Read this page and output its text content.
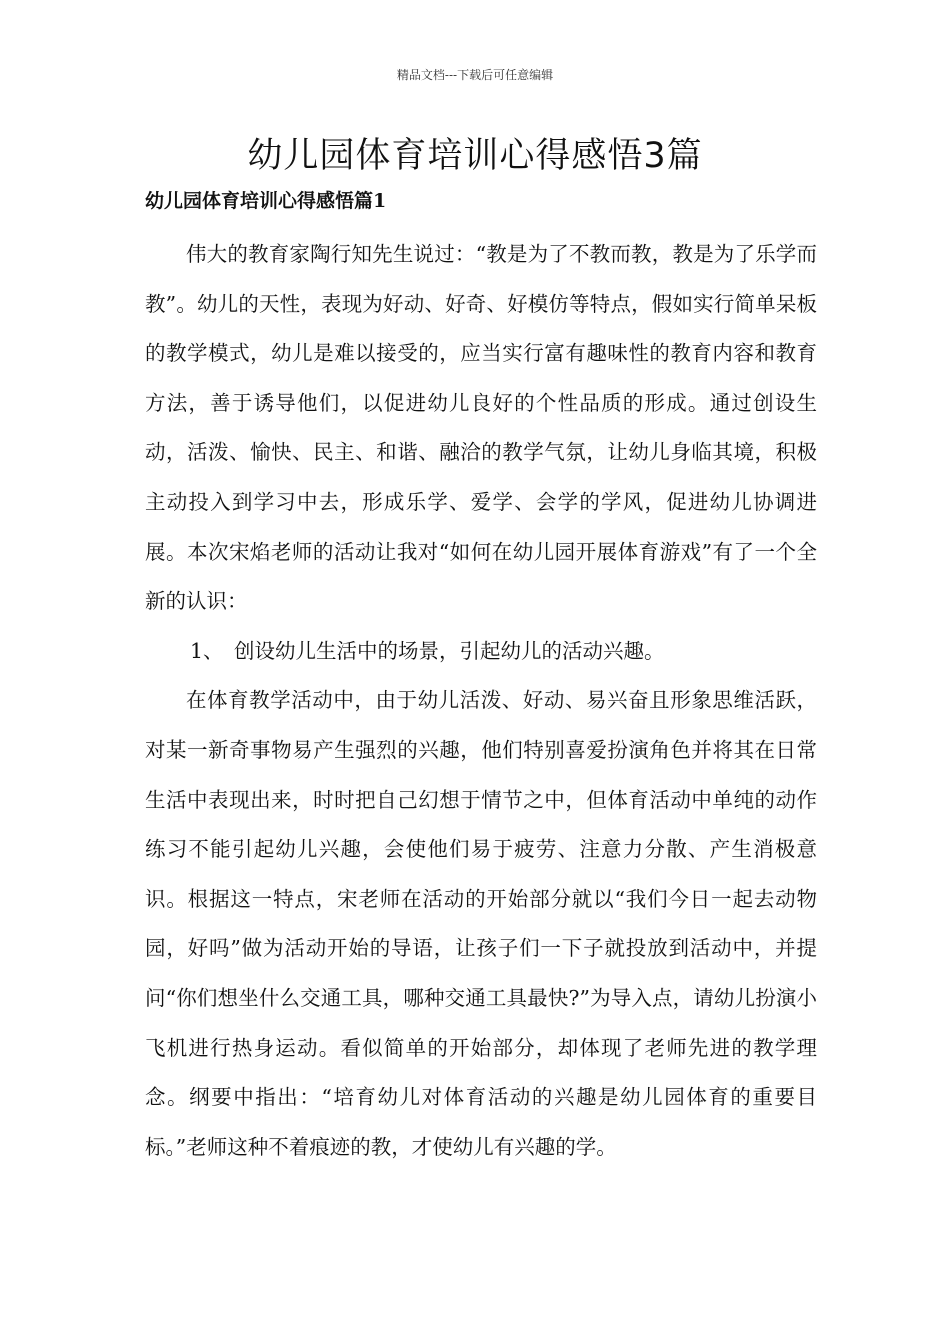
精品文档---下载后可任意编辑
幼儿园体育培训心得感悟3篇
幼儿园体育培训心得感悟篇1

伟大的教育家陶行知先生说过：“教是为了不教而教，教是为了乐学而教”。幼儿的天性，表现为好动、好奇、好模仿等特点，假如实行简单呆板的教学模式，幼儿是难以接受的，应当实行富有趣味性的教育内容和教育方法，善于诱导他们，以促进幼儿良好的个性品质的形成。通过创设生动，活泼、愉快、民主、和谐、融洽的教学气氛，让幼儿身临其境，积极主动投入到学习中去，形成乐学、爱学、会学的学风，促进幼儿协调进展。本次宋焰老师的活动让我对“如何在幼儿园开展体育游戏”有了一个全新的认识：

1、 创设幼儿生活中的场景，引起幼儿的活动兴趣。

在体育教学活动中，由于幼儿活泼、好动、易兴奋且形象思维活跃，对某一新奇事物易产生强烈的兴趣，他们特别喜爱扮演角色并将其在日常生活中表现出来，时时把自己幻想于情节之中，但体育活动中单纯的动作练习不能引起幼儿兴趣，会使他们易于疲劳、注意力分散、产生消极意识。根据这一特点，宋老师在活动的开始部分就以“我们今日一起去动物园，好吗”做为活动开始的导语，让孩子们一下子就投放到活动中，并提问“你们想坐什么交通工具，哪种交通工具最快?”为导入点，请幼儿扮演小飞机进行热身运动。看似简单的开始部分，却体现了老师先进的教学理念。纲要中指出：“培育幼儿对体育活动的兴趣是幼儿园体育的重要目标。”老师这种不着痕迹的教，才使幼儿有兴趣的学。
